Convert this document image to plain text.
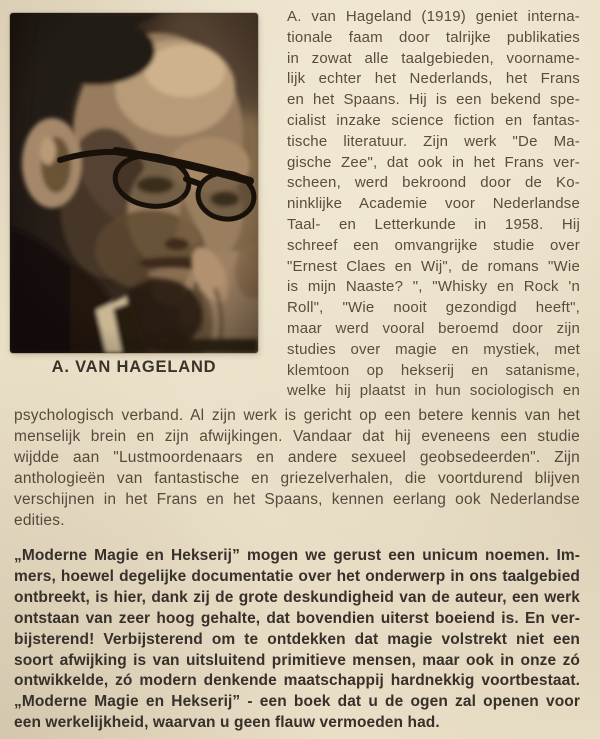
A. VAN HAGELAND
A. van Hageland (1919) geniet interna-
tionale faam door talrijke publikaties
in zowat alle taalgebieden, voorname-
lijk echter het Nederlands, het Frans
en het Spaans. Hij is een bekend spe-
cialist inzake science fiction en fantas-
tische literatuur. Zijn werk "De Ma-
gische Zee", dat ook in het Frans ver-
scheen, werd bekroond door de Ko-
ninklijke Academie voor Nederlandse
Taal- en Letterkunde in 1958. Hij
schreef een omvangrijke studie over
"Ernest Claes en Wij", de romans "Wie
is mijn Naaste? ", "Whisky en Rock 'n
Roll", "Wie nooit gezondigd heeft",
maar werd vooral beroemd door zijn
studies over magie en mystiek, met
klemtoon op hekserij en satanisme,
welke hij plaatst in hun sociologisch en
psychologisch verband. Al zijn werk is gericht op een betere kennis van het
menselijk brein en zijn afwijkingen. Vandaar dat hij eveneens een studie
wijdde aan "Lustmoordenaars en andere sexueel geobsedeerden". Zijn
anthologieën van fantastische en griezelverhalen, die voortdurend blijven
verschijnen in het Frans en het Spaans, kennen eerlang ook Nederlandse
edities.
„Moderne Magie en Hekserij” mogen we gerust een unicum noemen. Im-
mers, hoewel degelijke documentatie over het onderwerp in ons taalgebied
ontbreekt, is hier, dank zij de grote deskundigheid van de auteur, een werk
ontstaan van zeer hoog gehalte, dat bovendien uiterst boeiend is. En ver-
bijsterend! Verbijsterend om te ontdekken dat magie volstrekt niet een
soort afwijking is van uitsluitend primitieve mensen, maar ook in onze zó
ontwikkelde, zó modern denkende maatschappij hardnekkig voortbestaat.
„Moderne Magie en Hekserij” - een boek dat u de ogen zal openen voor
een werkelijkheid, waarvan u geen flauw vermoeden had.
